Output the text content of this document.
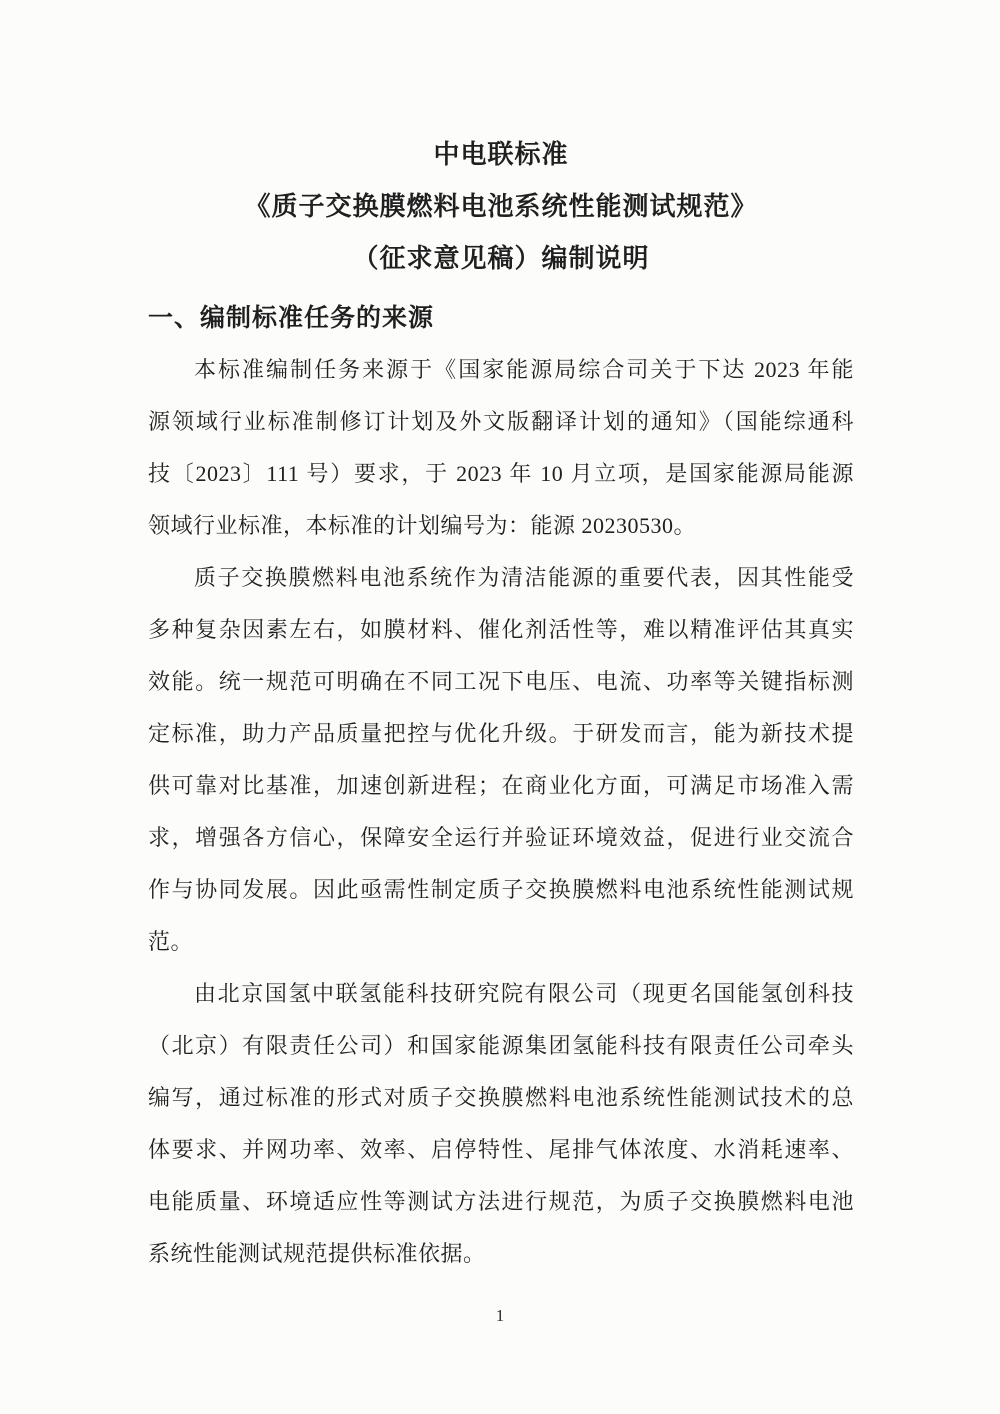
中电联标准
《质子交换膜燃料电池系统性能测试规范》
（征求意见稿）编制说明
一、编制标准任务的来源
本标准编制任务来源于《国家能源局综合司关于下达 2023 年能
源领域行业标准制修订计划及外文版翻译计划的通知》（国能综通科
技〔2023〕111 号）要求，于 2023 年 10 月立项，是国家能源局能源
领域行业标准，本标准的计划编号为：能源 20230530。
质子交换膜燃料电池系统作为清洁能源的重要代表，因其性能受
多种复杂因素左右，如膜材料、催化剂活性等，难以精准评估其真实
效能。统一规范可明确在不同工况下电压、电流、功率等关键指标测
定标准，助力产品质量把控与优化升级。于研发而言，能为新技术提
供可靠对比基准，加速创新进程；在商业化方面，可满足市场准入需
求，增强各方信心，保障安全运行并验证环境效益，促进行业交流合
作与协同发展。因此亟需性制定质子交换膜燃料电池系统性能测试规
范。
由北京国氢中联氢能科技研究院有限公司（现更名国能氢创科技
（北京）有限责任公司）和国家能源集团氢能科技有限责任公司牵头
编写，通过标准的形式对质子交换膜燃料电池系统性能测试技术的总
体要求、并网功率、效率、启停特性、尾排气体浓度、水消耗速率、
电能质量、环境适应性等测试方法进行规范，为质子交换膜燃料电池
系统性能测试规范提供标准依据。
1
